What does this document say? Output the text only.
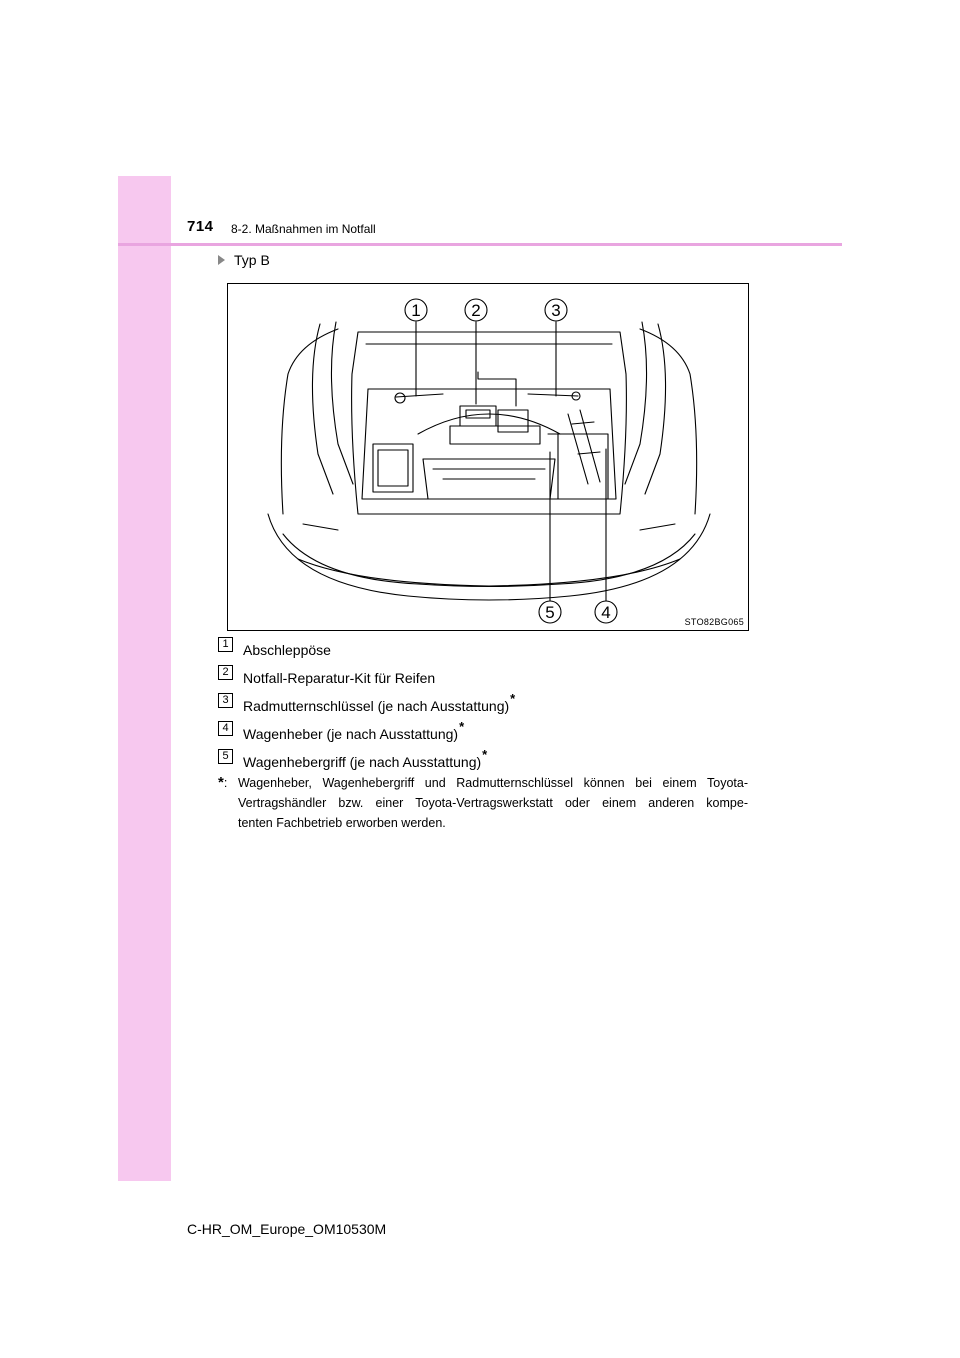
714 8-2. Maßnahmen im Notfall
Typ B
1	2	3
5	4	STO82BG065
1	Abschleppöse
2	Notfall-Reparatur-Kit für Reifen
3	Radmutternschlüssel (je nach Ausstattung) *
4	Wagenheber (je nach Ausstattung) *
5	Wagenhebergriff (je nach Ausstattung) *
*: Wagenheber, Wagenhebergriff und Radmutternschlüssel können bei einem Toyota-
Vertragshändler bzw. einer Toyota-Vertragswerkstatt oder einem anderen kompe-
tenten Fachbetrieb erworben werden.
C-HR_OM_Europe_OM10530M
